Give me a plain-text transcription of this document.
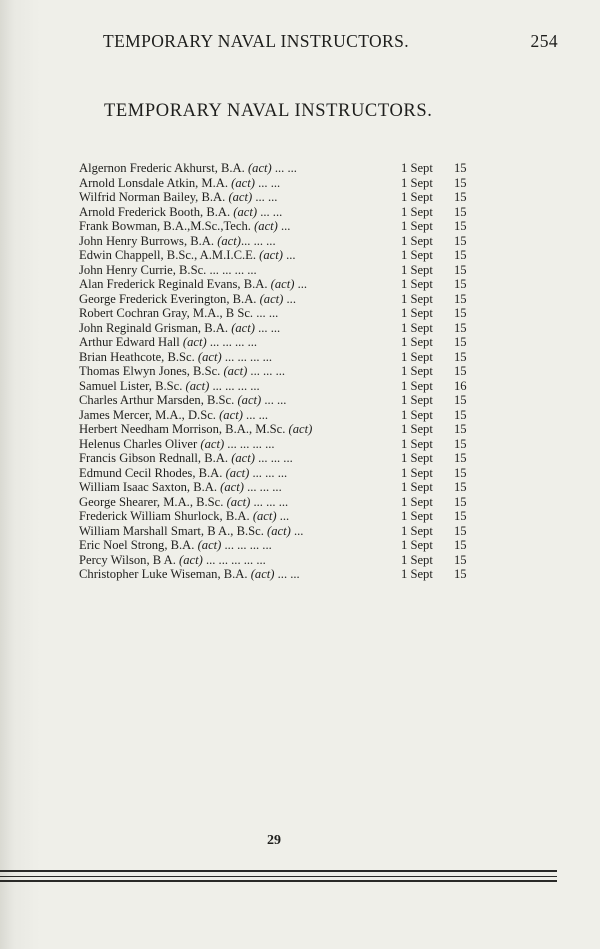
TEMPORARY NAVAL INSTRUCTORS.	254
TEMPORARY NAVAL INSTRUCTORS.
Algernon Frederic Akhurst, B.A. (act) ... ...	1 Sept 15
Arnold Lonsdale Atkin, M.A. (act) ... ...	1 Sept 15
Wilfrid Norman Bailey, B.A. (act) ... ...	1 Sept 15
Arnold Frederick Booth, B.A. (act) ... ...	1 Sept 15
Frank Bowman, B.A.,M.Sc.,Tech. (act) ...	1 Sept 15
John Henry Burrows, B.A. (act)... ... ...	1 Sept 15
Edwin Chappell, B.Sc., A.M.I.C.E. (act) ...	1 Sept 15
John Henry Currie, B.Sc. ... ... ... ...	1 Sept 15
Alan Frederick Reginald Evans, B.A. (act) ...	1 Sept 15
George Frederick Everington, B.A. (act) ...	1 Sept 15
Robert Cochran Gray, M.A., B Sc. ... ...	1 Sept 15
John Reginald Grisman, B.A. (act) ... ...	1 Sept 15
Arthur Edward Hall (act) ... ... ... ...	1 Sept 15
Brian Heathcote, B.Sc. (act) ... ... ... ...	1 Sept 15
Thomas Elwyn Jones, B.Sc. (act) ... ... ...	1 Sept 15
Samuel Lister, B.Sc. (act) ... ... ... ...	1 Sept 16
Charles Arthur Marsden, B.Sc. (act) ... ...	1 Sept 15
James Mercer, M.A., D.Sc. (act) ... ...	1 Sept 15
Herbert Needham Morrison, B.A., M.Sc. (act)	1 Sept 15
Helenus Charles Oliver (act) ... ... ... ...	1 Sept 15
Francis Gibson Rednall, B.A. (act) ... ... ...	1 Sept 15
Edmund Cecil Rhodes, B.A. (act) ... ... ...	1 Sept 15
William Isaac Saxton, B.A. (act) ... ... ...	1 Sept 15
George Shearer, M.A., B.Sc. (act) ... ... ...	1 Sept 15
Frederick William Shurlock, B.A. (act) ...	1 Sept 15
William Marshall Smart, B A., B.Sc. (act) ...	1 Sept 15
Eric Noel Strong, B.A. (act) ... ... ... ...	1 Sept 15
Percy Wilson, B A. (act) ... ... ... ... ...	1 Sept 15
Christopher Luke Wiseman, B.A. (act) ... ...	1 Sept 15
29
